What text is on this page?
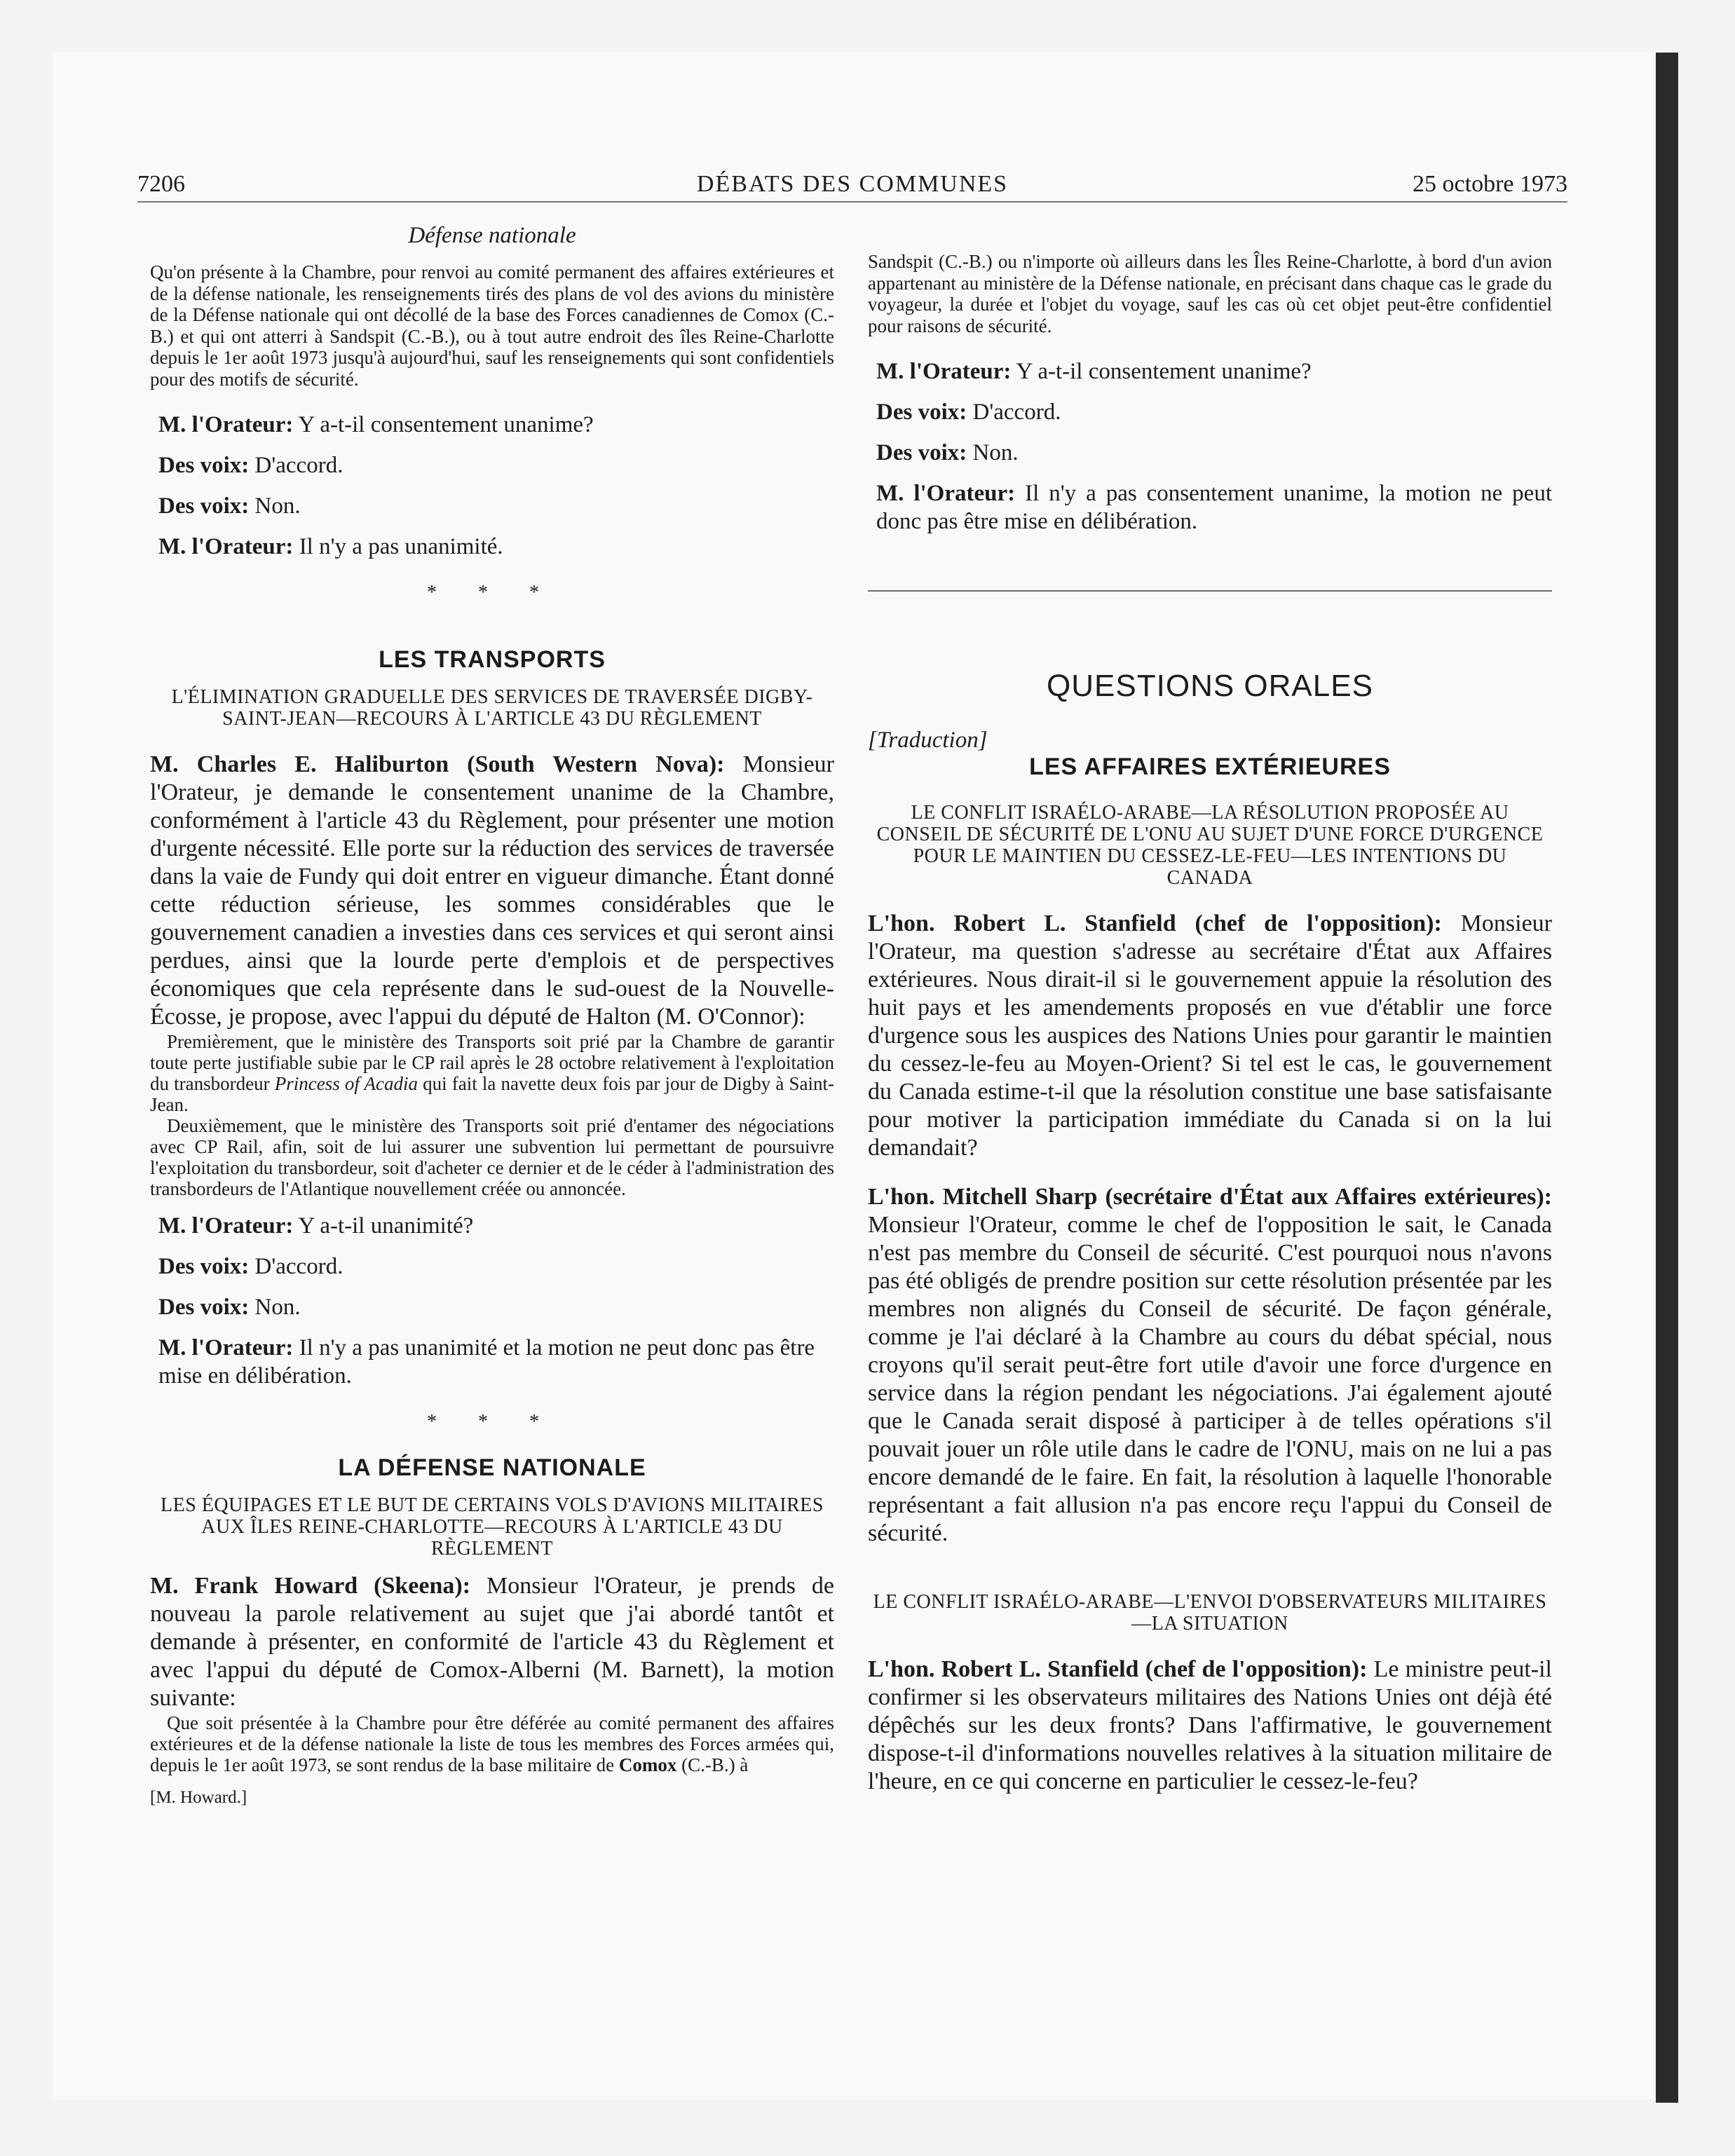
7206	DÉBATS DES COMMUNES	25 octobre 1973

Défense nationale

Qu'on présente à la Chambre, pour renvoi au comité permanent des affaires extérieures et de la défense nationale, les renseignements tirés des plans de vol des avions du ministère de la Défense nationale qui ont décollé de la base des Forces canadiennes de Comox (C.-B.) et qui ont atterri à Sandspit (C.-B.), ou à tout autre endroit des îles Reine-Charlotte depuis le 1er août 1973 jusqu'à aujourd'hui, sauf les renseignements qui sont confidentiels pour des motifs de sécurité.

M. l'Orateur: Y a-t-il consentement unanime?

Des voix: D'accord.

Des voix: Non.

M. l'Orateur: Il n'y a pas unanimité.

* * *

LES TRANSPORTS

L'ÉLIMINATION GRADUELLE DES SERVICES DE TRAVERSÉE DIGBY-SAINT-JEAN—RECOURS À L'ARTICLE 43 DU RÈGLEMENT

M. Charles E. Haliburton (South Western Nova): Monsieur l'Orateur, je demande le consentement unanime de la Chambre, conformément à l'article 43 du Règlement, pour présenter une motion d'urgente nécessité. Elle porte sur la réduction des services de traversée dans la vaie de Fundy qui doit entrer en vigueur dimanche. Étant donné cette réduction sérieuse, les sommes considérables que le gouvernement canadien a investies dans ces services et qui seront ainsi perdues, ainsi que la lourde perte d'emplois et de perspectives économiques que cela représente dans le sud-ouest de la Nouvelle-Écosse, je propose, avec l'appui du député de Halton (M. O'Connor):

Premièrement, que le ministère des Transports soit prié par la Chambre de garantir toute perte justifiable subie par le CP rail après le 28 octobre relativement à l'exploitation du transbordeur Princess of Acadia qui fait la navette deux fois par jour de Digby à Saint-Jean.

Deuxièmement, que le ministère des Transports soit prié d'entamer des négociations avec CP Rail, afin, soit de lui assurer une subvention lui permettant de poursuivre l'exploitation du transbordeur, soit d'acheter ce dernier et de le céder à l'administration des transbordeurs de l'Atlantique nouvellement créée ou annoncée.

M. l'Orateur: Y a-t-il unanimité?

Des voix: D'accord.

Des voix: Non.

M. l'Orateur: Il n'y a pas unanimité et la motion ne peut donc pas être mise en délibération.

* * *

LA DÉFENSE NATIONALE

LES ÉQUIPAGES ET LE BUT DE CERTAINS VOLS D'AVIONS MILITAIRES AUX ÎLES REINE-CHARLOTTE—RECOURS À L'ARTICLE 43 DU RÈGLEMENT

M. Frank Howard (Skeena): Monsieur l'Orateur, je prends de nouveau la parole relativement au sujet que j'ai abordé tantôt et demande à présenter, en conformité de l'article 43 du Règlement et avec l'appui du député de Comox-Alberni (M. Barnett), la motion suivante:

Que soit présentée à la Chambre pour être déférée au comité permanent des affaires extérieures et de la défense nationale la liste de tous les membres des Forces armées qui, depuis le 1er août 1973, se sont rendus de la base militaire de Comox (C.-B.) à

[M. Howard.]

Sandspit (C.-B.) ou n'importe où ailleurs dans les Îles Reine-Charlotte, à bord d'un avion appartenant au ministère de la Défense nationale, en précisant dans chaque cas le grade du voyageur, la durée et l'objet du voyage, sauf les cas où cet objet peut-être confidentiel pour raisons de sécurité.

M. l'Orateur: Y a-t-il consentement unanime?

Des voix: D'accord.

Des voix: Non.

M. l'Orateur: Il n'y a pas consentement unanime, la motion ne peut donc pas être mise en délibération.

QUESTIONS ORALES

[Traduction]

LES AFFAIRES EXTÉRIEURES

LE CONFLIT ISRAÉLO-ARABE—LA RÉSOLUTION PROPOSÉE AU CONSEIL DE SÉCURITÉ DE L'ONU AU SUJET D'UNE FORCE D'URGENCE POUR LE MAINTIEN DU CESSEZ-LE-FEU—LES INTENTIONS DU CANADA

L'hon. Robert L. Stanfield (chef de l'opposition): Monsieur l'Orateur, ma question s'adresse au secrétaire d'État aux Affaires extérieures. Nous dirait-il si le gouvernement appuie la résolution des huit pays et les amendements proposés en vue d'établir une force d'urgence sous les auspices des Nations Unies pour garantir le maintien du cessez-le-feu au Moyen-Orient? Si tel est le cas, le gouvernement du Canada estime-t-il que la résolution constitue une base satisfaisante pour motiver la participation immédiate du Canada si on la lui demandait?

L'hon. Mitchell Sharp (secrétaire d'État aux Affaires extérieures): Monsieur l'Orateur, comme le chef de l'opposition le sait, le Canada n'est pas membre du Conseil de sécurité. C'est pourquoi nous n'avons pas été obligés de prendre position sur cette résolution présentée par les membres non alignés du Conseil de sécurité. De façon générale, comme je l'ai déclaré à la Chambre au cours du débat spécial, nous croyons qu'il serait peut-être fort utile d'avoir une force d'urgence en service dans la région pendant les négociations. J'ai également ajouté que le Canada serait disposé à participer à de telles opérations s'il pouvait jouer un rôle utile dans le cadre de l'ONU, mais on ne lui a pas encore demandé de le faire. En fait, la résolution à laquelle l'honorable représentant a fait allusion n'a pas encore reçu l'appui du Conseil de sécurité.

LE CONFLIT ISRAÉLO-ARABE—L'ENVOI D'OBSERVATEURS MILITAIRES—LA SITUATION

L'hon. Robert L. Stanfield (chef de l'opposition): Le ministre peut-il confirmer si les observateurs militaires des Nations Unies ont déjà été dépêchés sur les deux fronts? Dans l'affirmative, le gouvernement dispose-t-il d'informations nouvelles relatives à la situation militaire de l'heure, en ce qui concerne en particulier le cessez-le-feu?
